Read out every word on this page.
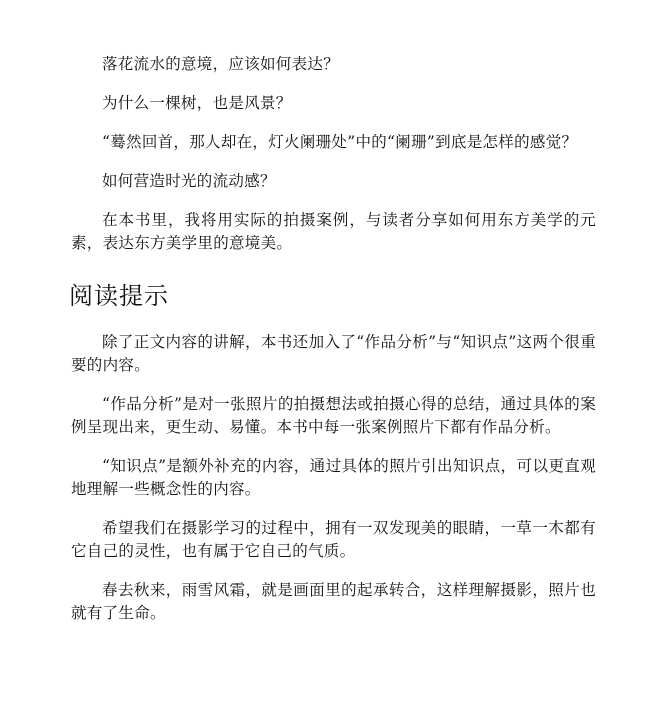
落花流水的意境，应该如何表达？

为什么一棵树，也是风景？

“蓦然回首，那人却在，灯火阑珊处”中的“阑珊”到底是怎样的感觉？

如何营造时光的流动感？

在本书里，我将用实际的拍摄案例，与读者分享如何用东方美学的元素，表达东方美学里的意境美。

阅读提示

除了正文内容的讲解，本书还加入了“作品分析”与“知识点”这两个很重要的内容。

“作品分析”是对一张照片的拍摄想法或拍摄心得的总结，通过具体的案例呈现出来，更生动、易懂。本书中每一张案例照片下都有作品分析。

“知识点”是额外补充的内容，通过具体的照片引出知识点，可以更直观地理解一些概念性的内容。

希望我们在摄影学习的过程中，拥有一双发现美的眼睛，一草一木都有它自己的灵性，也有属于它自己的气质。

春去秋来，雨雪风霜，就是画面里的起承转合，这样理解摄影，照片也就有了生命。
